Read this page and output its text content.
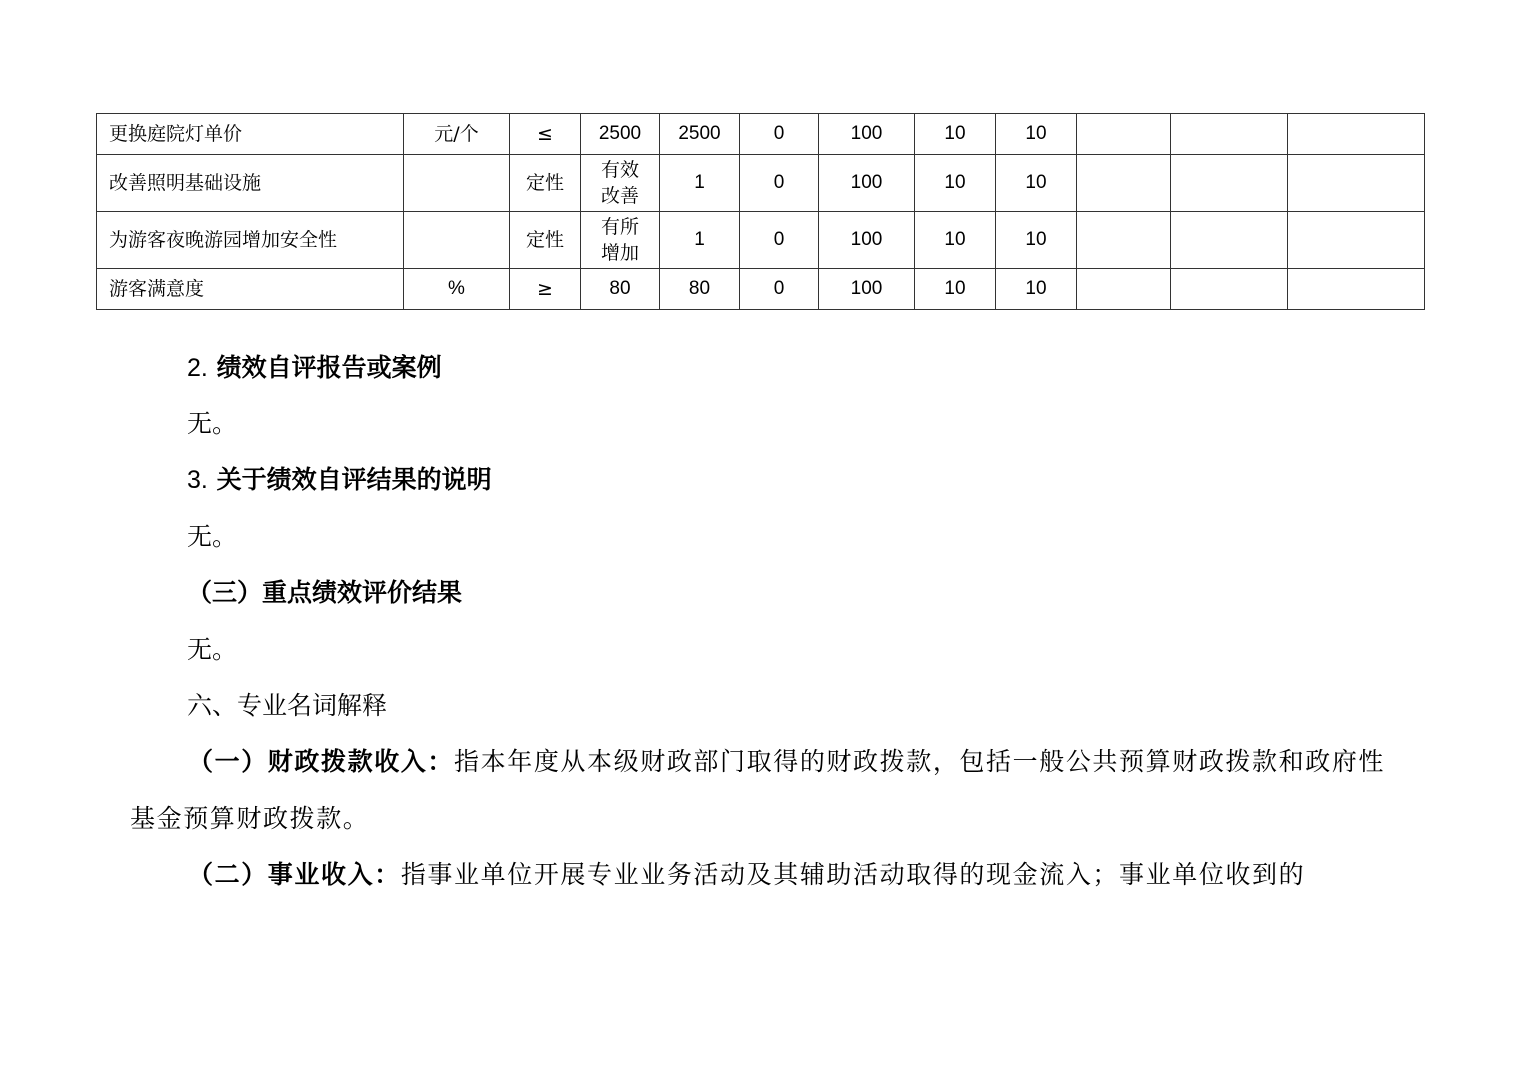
更换庭院灯单价	元/个	≤	2500	2500	0	100	10	10			
改善照明基础设施		定性	有效改善	1	0	100	10	10			
为游客夜晚游园增加安全性		定性	有所增加	1	0	100	10	10			
游客满意度	%	≥	80	80	0	100	10	10			
2. 绩效自评报告或案例
无。
3. 关于绩效自评结果的说明
无。
（三）重点绩效评价结果
无。
六、专业名词解释
（一）财政拨款收入：指本年度从本级财政部门取得的财政拨款，包括一般公共预算财政拨款和政府性基金预算财政拨款。
（二）事业收入：指事业单位开展专业业务活动及其辅助活动取得的现金流入；事业单位收到的
